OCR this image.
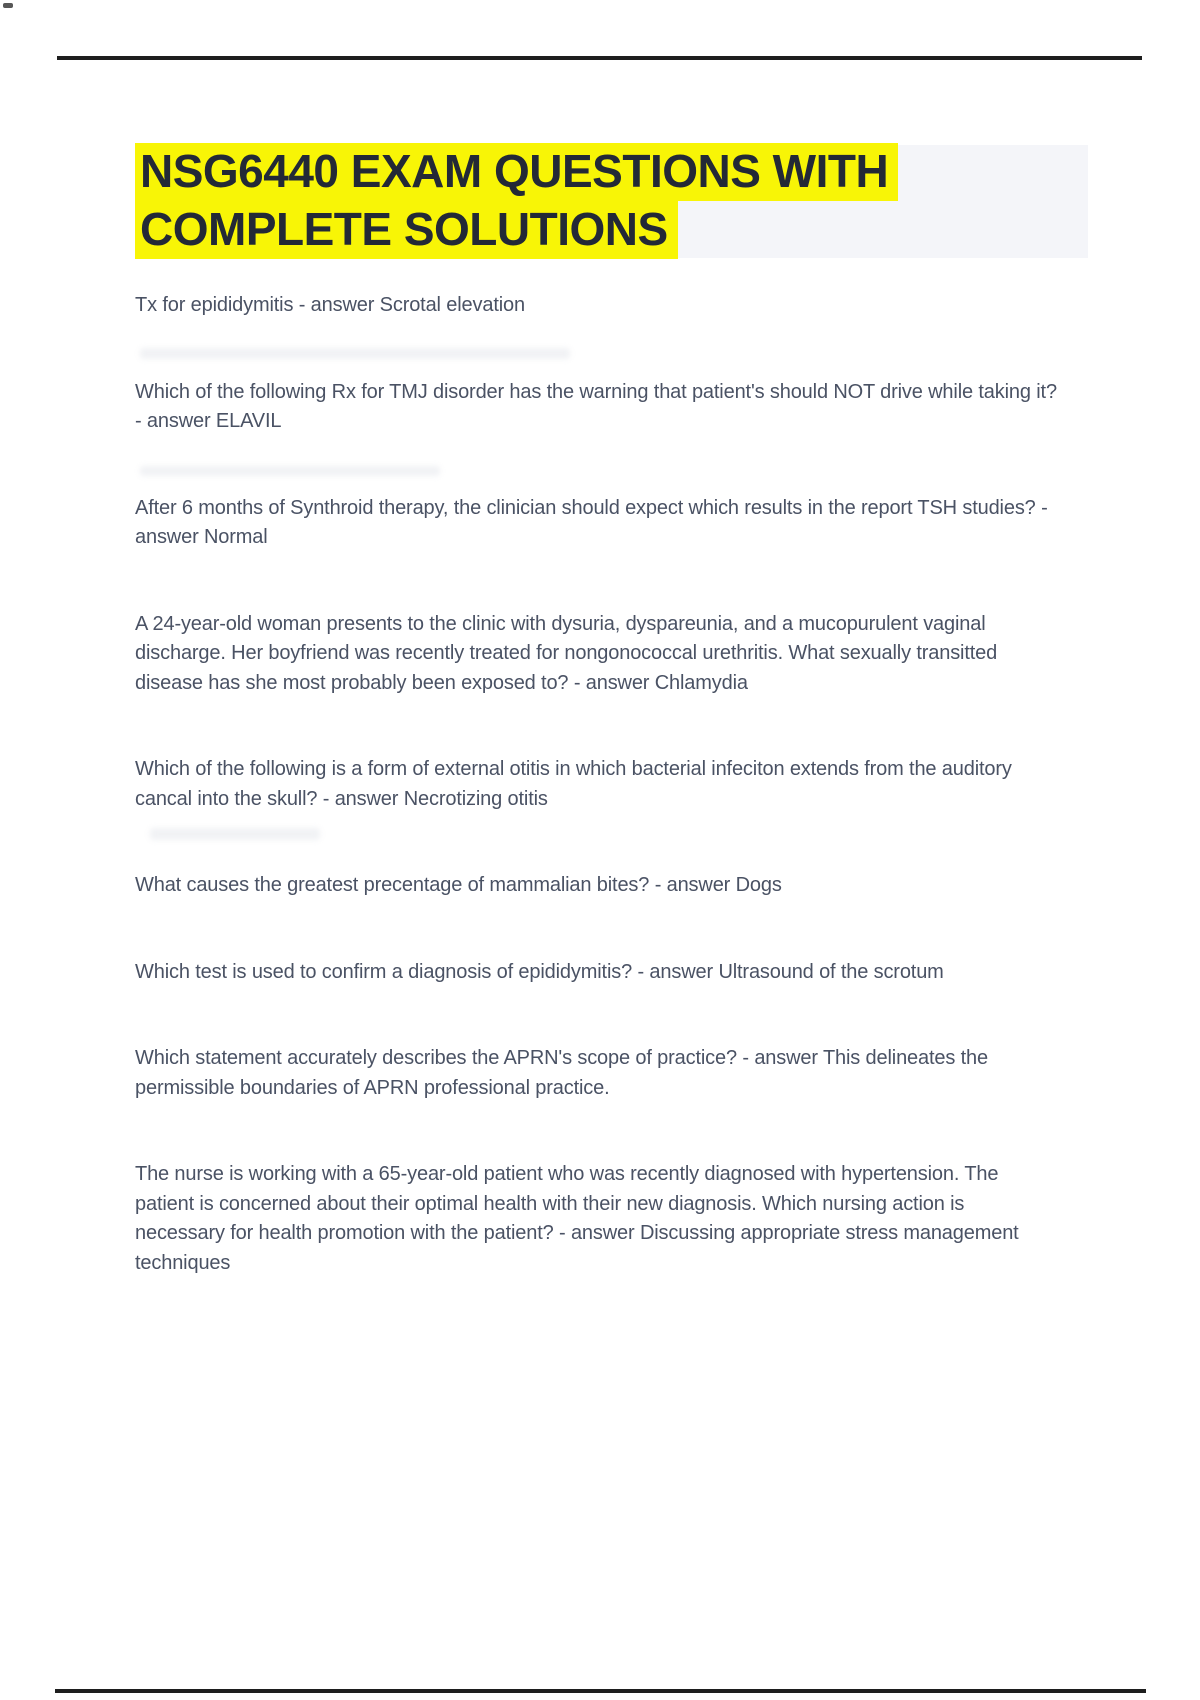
NSG6440 EXAM QUESTIONS WITH
COMPLETE SOLUTIONS

Tx for epididymitis - answer Scrotal elevation

Which of the following Rx for TMJ disorder has the warning that patient's should NOT drive while taking it? - answer ELAVIL

After 6 months of Synthroid therapy, the clinician should expect which results in the report TSH studies? - answer Normal

A 24-year-old woman presents to the clinic with dysuria, dyspareunia, and a mucopurulent vaginal discharge. Her boyfriend was recently treated for nongonococcal urethritis. What sexually transitted disease has she most probably been exposed to? - answer Chlamydia

Which of the following is a form of external otitis in which bacterial infeciton extends from the auditory cancal into the skull? - answer Necrotizing otitis

What causes the greatest precentage of mammalian bites? - answer Dogs

Which test is used to confirm a diagnosis of epididymitis? - answer Ultrasound of the scrotum

Which statement accurately describes the APRN's scope of practice? - answer This delineates the permissible boundaries of APRN professional practice.

The nurse is working with a 65-year-old patient who was recently diagnosed with hypertension. The patient is concerned about their optimal health with their new diagnosis. Which nursing action is necessary for health promotion with the patient? - answer Discussing appropriate stress management techniques
